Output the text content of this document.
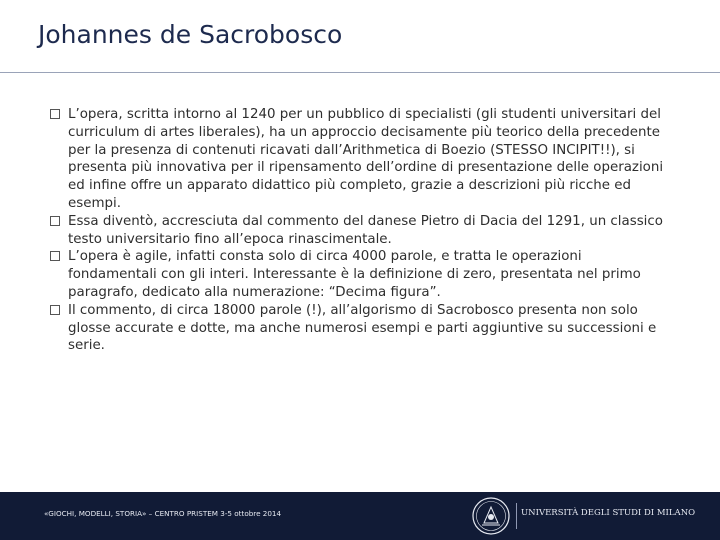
Johannes de Sacrobosco
L’opera, scritta intorno al 1240 per un pubblico di specialisti (gli studenti universitari del curriculum di artes liberales), ha un approccio decisamente più teorico della precedente per la presenza di contenuti ricavati dall’Arithmetica di Boezio (STESSO INCIPIT!!), si presenta più innovativa per il ripensamento dell’ordine di presentazione delle operazioni ed infine offre un apparato didattico più completo, grazie a descrizioni più ricche ed esempi.
Essa diventò, accresciuta dal commento del danese Pietro di Dacia del 1291, un classico testo universitario fino all’epoca rinascimentale.
L’opera è agile, infatti consta solo di circa 4000 parole, e tratta le operazioni fondamentali con gli interi. Interessante è la definizione di zero, presentata nel primo paragrafo, dedicato alla numerazione: “Decima figura”.
Il commento, di circa 18000 parole (!), all’algorismo di Sacrobosco presenta non solo glosse accurate e dotte, ma anche numerosi esempi e parti aggiuntive su successioni e serie.
«GIOCHI, MODELLI, STORIA» – CENTRO PRISTEM 3-5 ottobre 2014	UNIVERSITÀ DEGLI STUDI DI MILANO
